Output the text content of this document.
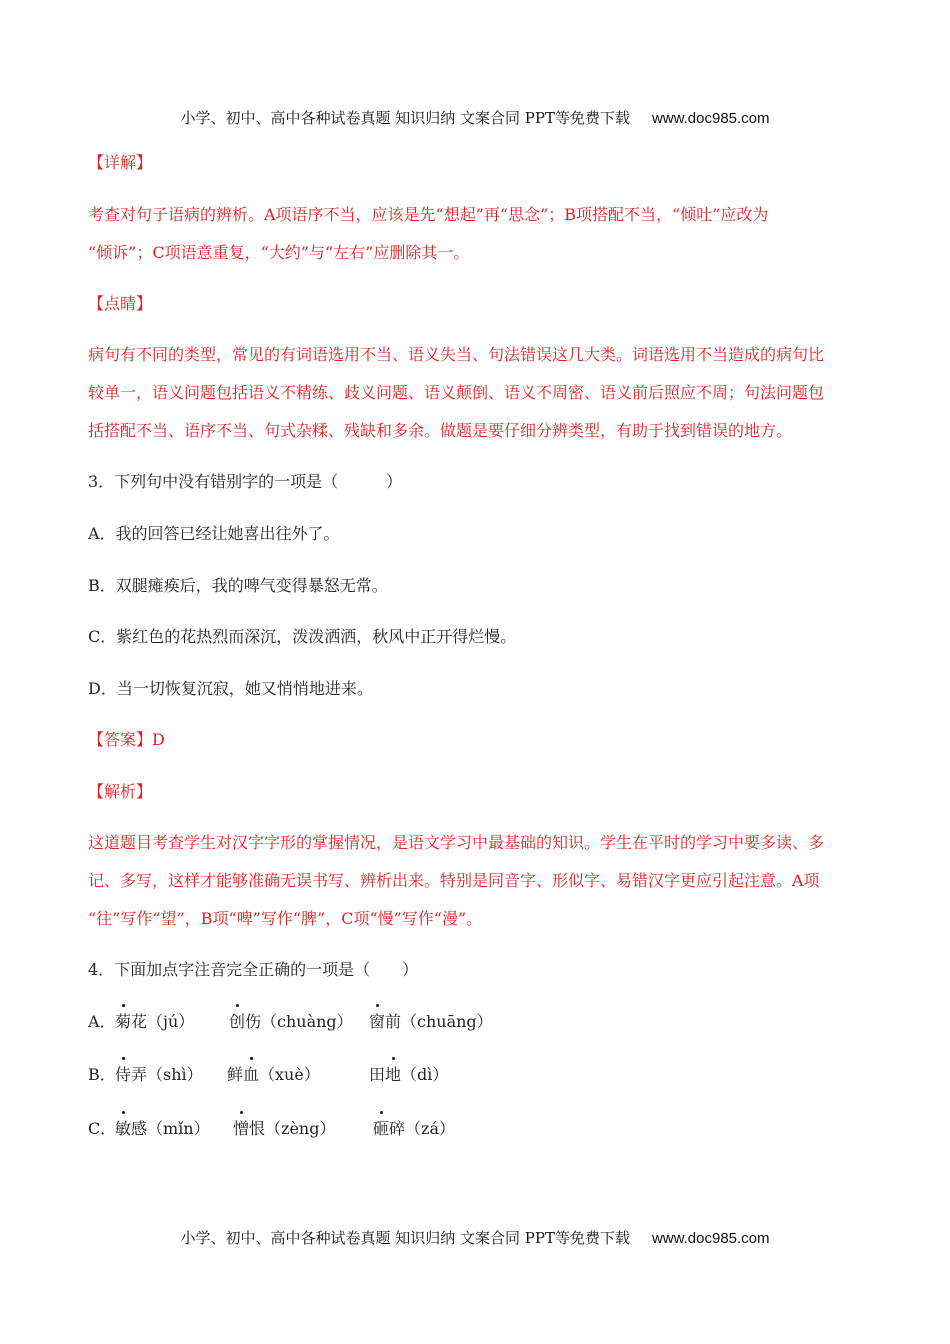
小学、初中、高中各种试卷真题 知识归纳 文案合同 PPT等免费下载 www.doc985.com
【详解】
考查对句子语病的辨析。A项语序不当，应该是先“想起”再“思念”；B项搭配不当，“倾吐”应改为
“倾诉”；C项语意重复，“大约”与“左右”应删除其一。
【点睛】
病句有不同的类型，常见的有词语选用不当、语义失当、句法错误这几大类。词语选用不当造成的病句比
较单一，语义问题包括语义不精练、歧义问题、语义颠倒、语义不周密、语义前后照应不周；句法问题包
括搭配不当、语序不当、句式杂糅、残缺和多余。做题是要仔细分辨类型，有助于找到错误的地方。
3．下列句中没有错别字的一项是（　　　）
A．我的回答已经让她喜出往外了。
B．双腿瘫痪后，我的啤气变得暴怒无常。
C．紫红色的花热烈而深沉，泼泼洒洒，秋风中正开得烂慢。
D．当一切恢复沉寂，她又悄悄地进来。
【答案】D
【解析】
这道题目考查学生对汉字字形的掌握情况，是语文学习中最基础的知识。学生在平时的学习中要多读、多
记、多写，这样才能够准确无误书写、辨析出来。特别是同音字、形似字、易错汉字更应引起注意。A项
“往”写作“望”，B项“啤”写作“脾”，C项“慢”写作“漫”。
4．下面加点字注音完全正确的一项是（　　）
A． 菊花（jú） 创伤（chuàng） 窗前（chuāng）
B． 侍弄（shì） 鲜血（xuè）	田地（dì）
C．
敏感（mǐn） 憎恨（zèng） 砸碎（zá）
小学、初中、高中各种试卷真题 知识归纳 文案合同 PPT等免费下载 www.doc985.com
